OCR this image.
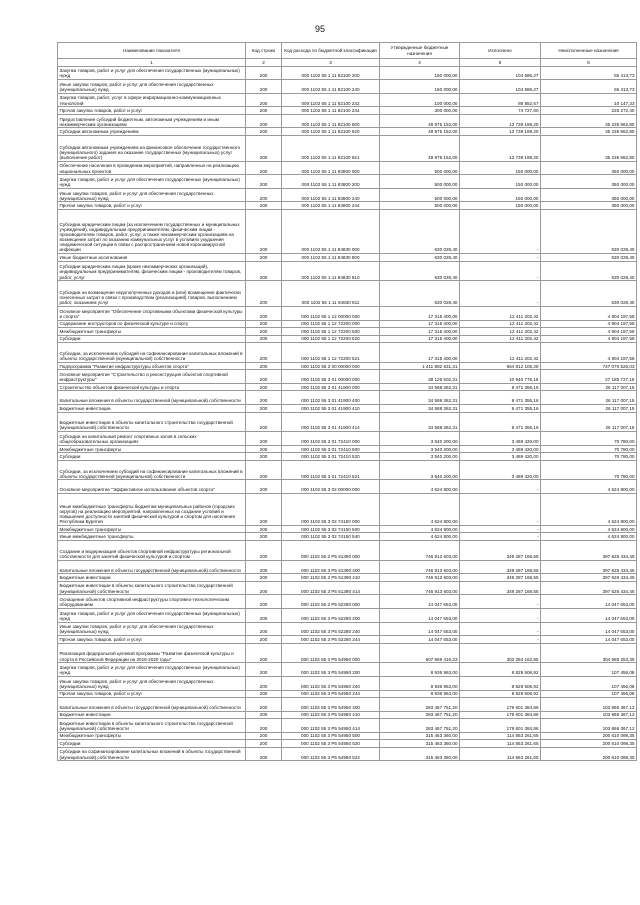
95
Наименование показателя	Код строки	Код расхода по бюджетной классификации	Утвержденные бюджетные назначения	Исполнено	Неисполненные назначения
1	2	3	4	5	6
Закупка товаров, работ и услуг для обеспечения государственных (муниципальных) нужд	200	000 1102 55 1 11 82100 200	160 000,00	104 586,27	55 413,73
Иные закупки товаров, работ и услуг для обеспечения государственных (муниципальных) нужд	200	000 1102 55 1 11 82100 240	160 000,00	104 586,27	55 413,73
Закупка товаров, работ, услуг в сфере информационно-коммуникационных технологий	200	000 1102 55 1 11 82100 242	100 000,00	89 852,67	10 147,33
Прочая закупка товаров, работ и услуг	200	000 1102 55 1 11 82100 244	300 000,00	74 727,60	225 272,40
Предоставление субсидий бюджетным, автономным учреждениям и иным некоммерческим организациям	200	000 1102 55 1 11 82100 600	48 975 152,00	13 739 189,20	35 235 962,80
Субсидии автономным учреждениям	200	000 1102 55 1 11 82100 620	48 975 152,00	13 739 189,20	35 235 962,80
Субсидии автономным учреждениям на финансовое обеспечение государственного (муниципального) задания на оказание государственных (муниципальных) услуг (выполнение работ)	200	000 1102 55 1 11 82100 621	48 975 152,00	13 739 189,20	35 235 962,80
Обеспечение населения в проведении мероприятий, направленных на реализацию национальных проектов	200	000 1102 55 1 11 83800 000	500 000,00	150 000,00	350 000,00
Закупка товаров, работ и услуг для обеспечения государственных (муниципальных) нужд	200	000 1102 55 1 11 83800 200	500 000,00	150 000,00	350 000,00
Иные закупки товаров, работ и услуг для обеспечения государственных (муниципальных) нужд	200	000 1102 55 1 11 83800 240	500 000,00	150 000,00	350 000,00
Прочая закупка товаров, работ и услуг	200	000 1102 55 1 11 83800 244	500 000,00	150 000,00	350 000,00
Субсидии юридическим лицам (за исключением государственных и муниципальных учреждений), индивидуальным предпринимателям, физическим лицам - производителям товаров, работ, услуг, а также некоммерческим организациям на возмещение затрат по оказанию коммунальных услуг в условиях ухудшения эпидемической ситуации в связи с распространением новой коронавирусной инфекции	200	000 1102 55 1 11 84830 000	630 028,40	-	630 028,40
Иные бюджетные ассигнования	200	000 1102 55 1 11 84830 800	630 028,40	-	630 028,40
Субсидии юридическим лицам (кроме некоммерческих организаций), индивидуальным предпринимателям, физическим лицам - производителям товаров, работ, услуг	200	000 1102 55 1 11 84830 810	630 028,40	-	630 028,40
Субсидии на возмещение недополученных доходов и (или) возмещение фактически понесенных затрат в связи с производством (реализацией) товаров, выполнением работ, оказанием услуг	200	000 1102 55 1 11 84830 811	630 028,40	-	630 028,40
Основное мероприятие "Обеспечение спортивными объектами физической культуры и спорта"	200	000 1102 55 1 12 00000 000	17 315 400,00	12 411 202,42	4 904 197,58
Содержание инструкторов по физической культуре и спорту	200	000 1102 55 1 12 72200 000	17 315 400,00	12 411 202,42	4 904 197,58
Межбюджетные трансферты	200	000 1102 55 1 12 72200 500	17 315 400,00	12 411 202,42	4 904 197,58
Субсидии	200	000 1102 55 1 12 72200 520	17 315 400,00	12 411 202,42	4 904 197,58
Субсидии, за исключением субсидий на софинансирование капитальных вложений в объекты государственной (муниципальной) собственности	200	000 1102 55 1 12 72200 521	17 315 400,00	12 411 202,42	4 904 197,58
Подпрограмма "Развитие инфраструктуры объектов спорта"	200	000 1102 55 3 00 00000 000	1 411 882 631,31	664 812 105,28	747 070 526,03
Основное мероприятие "Строительство и реконструкция объектов спортивной инфраструктуры"	200	000 1102 55 3 01 00000 000	38 126 502,31	10 940 775,16	27 185 727,15
Строительство объектов физической культуры и спорта	200	000 1102 55 3 01 41900 000	34 588 362,31	8 471 355,16	26 117 007,15
Капитальные вложения в объекты государственной (муниципальной) собственности	200	000 1102 55 3 01 41900 400	34 588 362,31	8 471 355,16	26 117 007,15
Бюджетные инвестиции	200	000 1102 55 3 01 41900 410	34 588 362,31	8 471 355,16	26 117 007,15
Бюджетные инвестиции в объекты капитального строительства государственной (муниципальной) собственности	200	000 1102 55 3 01 41900 414	34 588 362,31	8 471 355,16	26 117 007,15
Субсидии на капитальный ремонт спортивных залов в сельских общеобразовательных организациях	200	000 1102 55 3 01 72410 000	3 540 200,00	3 469 420,00	70 780,00
Межбюджетные трансферты	200	000 1102 55 3 01 72410 500	3 540 200,00	3 469 420,00	70 780,00
Субсидии	200	000 1102 55 3 01 72410 520	3 540 200,00	3 469 420,00	70 780,00
Субсидии, за исключением субсидий на софинансирование капитальных вложений в объекты государственной (муниципальной) собственности	200	000 1102 55 3 01 72410 521	3 540 200,00	3 469 420,00	70 780,00
Основное мероприятие "Эффективное использование объектов спорта"	200	000 1102 55 3 02 00000 000	4 624 800,00	-	4 624 800,00
Иные межбюджетные трансферты бюджетам муниципальных районов (городских округов) на реализацию мероприятий, направленных на создание условий и повышение доступности занятий физической культурой и спортом для населения Республики Бурятия	200	000 1102 55 3 02 74150 000	4 624 800,00	-	4 624 800,00
Межбюджетные трансферты	200	000 1102 55 3 02 74150 500	4 624 800,00	-	4 624 800,00
Иные межбюджетные трансферты	200	000 1102 55 3 02 74150 540	4 624 800,00	-	4 624 800,00
Создание и модернизация объектов спортивной инфраструктуры региональной собственности для занятий физической культурой и спортом	200	000 1102 55 3 P5 51390 000	746 913 603,00	349 287 168,55	397 626 434,45
Капитальные вложения в объекты государственной (муниципальной) собственности	200	000 1102 55 3 P5 51390 400	746 913 603,00	349 287 168,55	397 626 434,45
Бюджетные инвестиции	200	000 1102 55 3 P5 51390 410	746 913 603,00	349 287 168,55	397 626 434,45
Бюджетные инвестиции в объекты капитального строительства государственной (муниципальной) собственности	200	000 1102 55 3 P5 51390 414	746 913 603,00	349 287 168,55	397 626 434,45
Оснащение объектов спортивной инфраструктуры спортивно-технологическим оборудованием	200	000 1102 55 3 P5 52280 000	14 047 653,00	-	14 047 653,00
Закупка товаров, работ и услуг для обеспечения государственных (муниципальных) нужд	200	000 1102 55 3 P5 52280 200	14 047 653,00	-	14 047 653,00
Иные закупки товаров, работ и услуг для обеспечения государственных (муниципальных) нужд	200	000 1102 55 3 P5 52280 240	14 047 653,00	-	14 047 653,00
Прочая закупка товаров, работ и услуг	200	000 1102 55 3 P5 52280 244	14 047 653,00	-	14 047 653,00
Реализация федеральной целевой программы "Развитие физической культуры и спорта в Российской Федерации на 2016-2020 годы"	200	000 1102 55 3 P5 54950 000	607 869 416,23	303 284 162,85	304 585 253,38
Закупка товаров, работ и услуг для обеспечения государственных (муниципальных) нужд	200	000 1102 55 3 P5 54950 200	8 936 963,00	8 829 506,92	107 456,08
Иные закупки товаров, работ и услуг для обеспечения государственных (муниципальных) нужд	200	000 1102 55 3 P5 54950 240	8 936 963,00	8 829 506,92	107 456,08
Прочая закупка товаров, работ и услуг	200	000 1102 55 3 P5 54950 244	8 936 963,00	8 829 506,92	107 456,08
Капитальные вложения в объекты государственной (муниципальной) собственности	200	000 1102 55 3 P5 54950 400	283 467 751,20	179 601 384,86	103 866 367,12
Бюджетные инвестиции	200	000 1102 55 3 P5 54950 410	283 467 751,20	179 601 384,86	103 866 367,12
Бюджетные инвестиции в объекты капитального строительства государственной (муниципальной) собственности	200	000 1102 55 3 P5 54950 414	283 467 751,20	179 601 384,86	103 866 367,12
Межбюджетные трансферты	200	000 1102 55 3 P5 54950 500	315 463 360,00	114 853 261,65	200 610 098,35
Субсидии	200	000 1102 55 3 P5 54950 520	315 463 360,00	114 853 261,65	200 610 098,35
Субсидии на софинансирование капитальных вложений в объекты государственной (муниципальной) собственности	200	000 1102 55 3 P5 54950 522	315 463 360,00	114 853 261,65	200 610 098,35
